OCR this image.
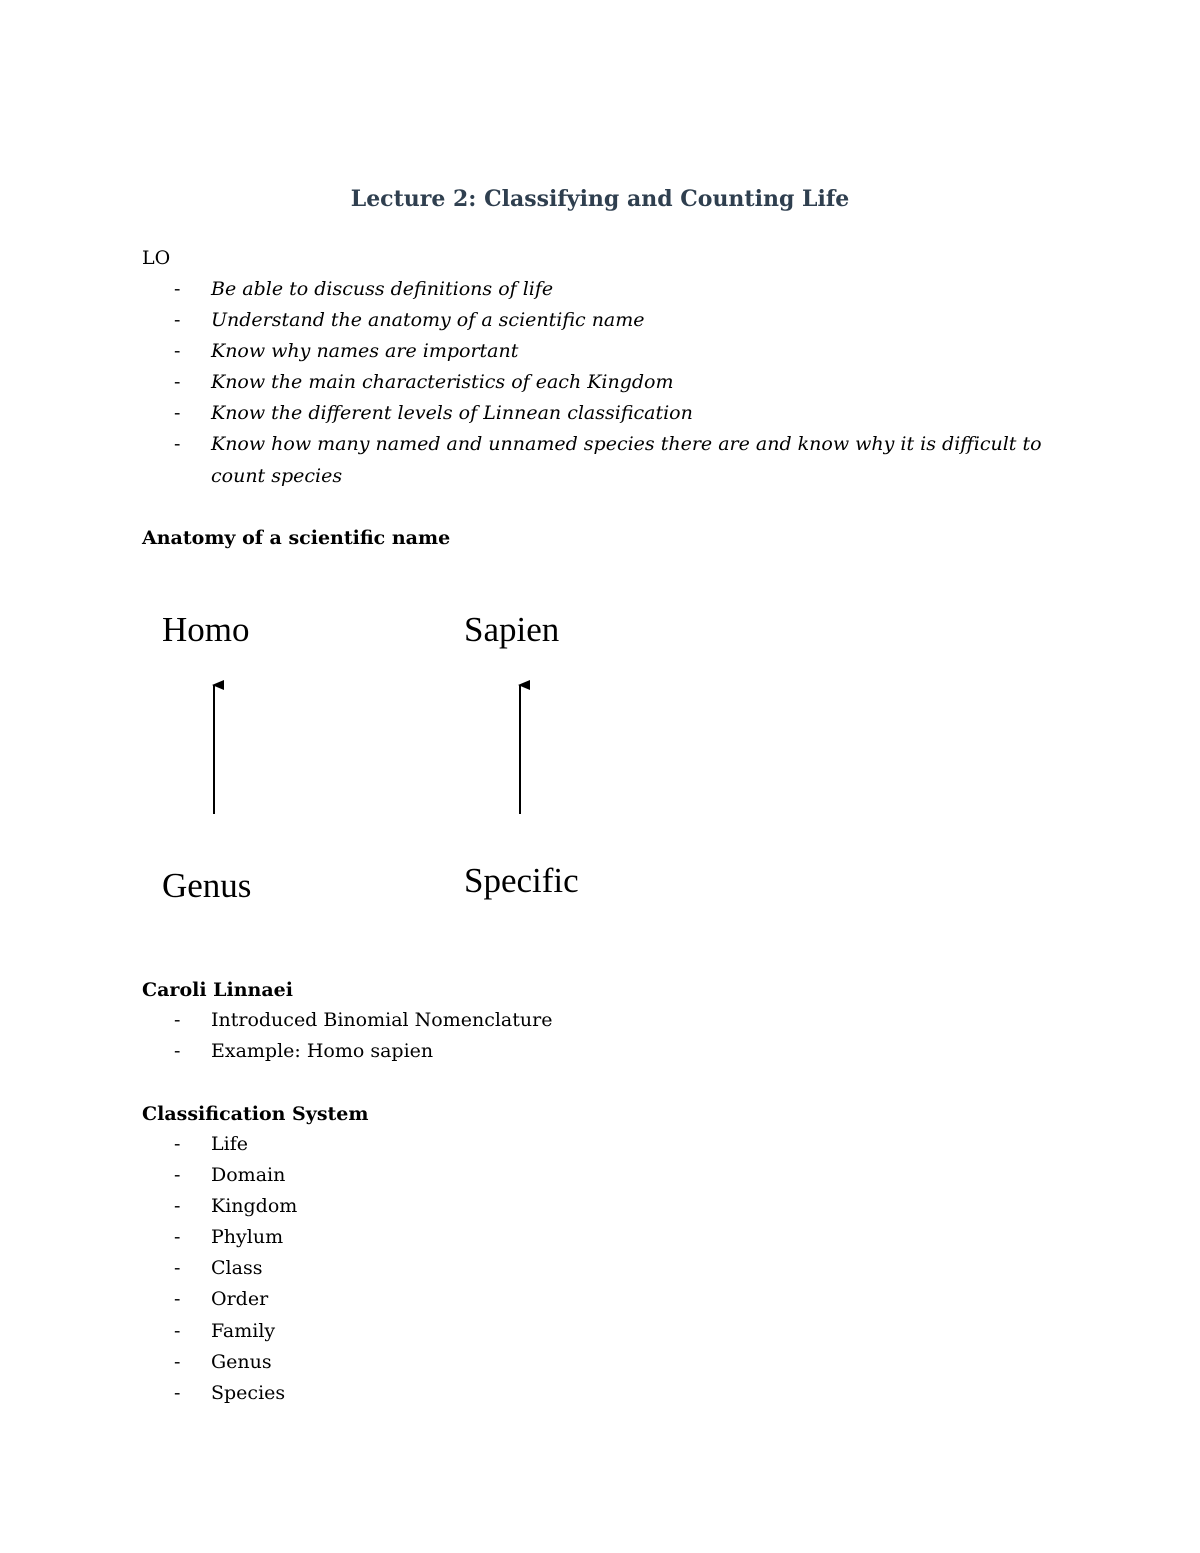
Lecture 2: Classifying and Counting Life
LO
- Be able to discuss definitions of life
- Understand the anatomy of a scientific name
- Know why names are important
- Know the main characteristics of each Kingdom
- Know the different levels of Linnean classification
- Know how many named and unnamed species there are and know why it is difficult to
count species
Anatomy of a scientific name
Homo	Sapien
Genus	Specific
Caroli Linnaei
- Introduced Binomial Nomenclature
- Example: Homo sapien
Classification System
- Life
- Domain
- Kingdom
- Phylum
- Class
- Order
- Family
- Genus
- Species
